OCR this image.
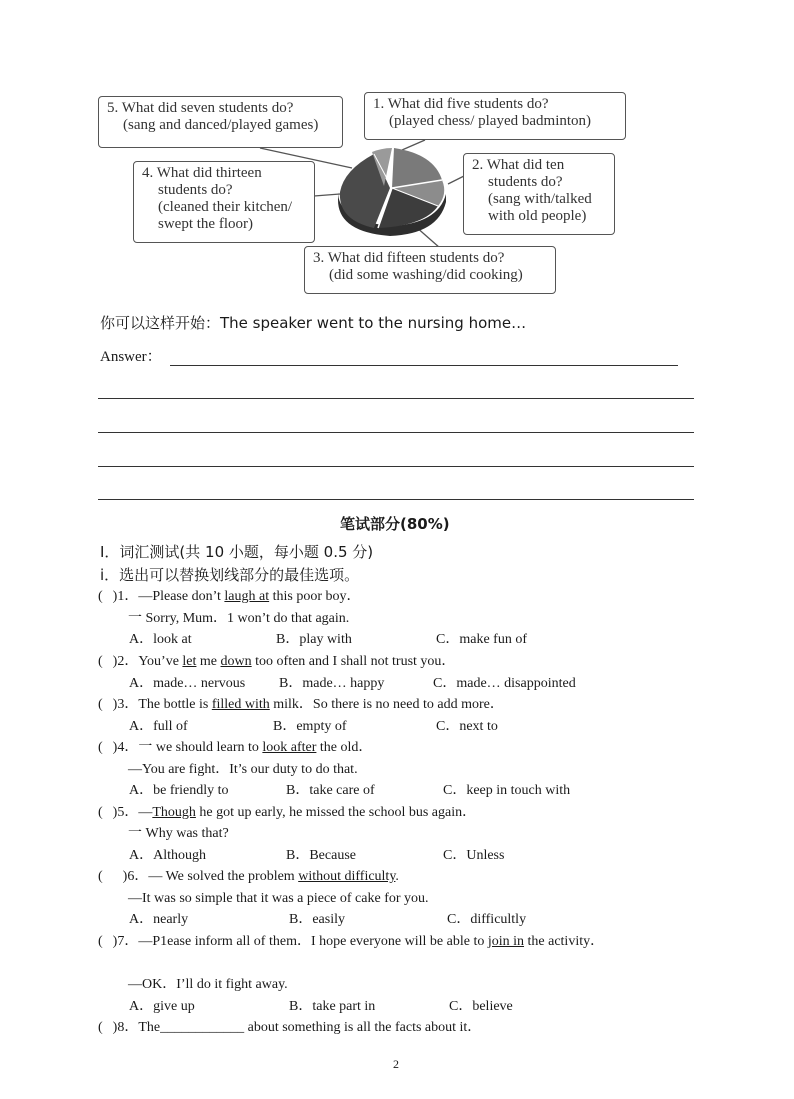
5. What did seven students do?
(sang and danced/played games)
1. What did five students do?
(played chess/ played badminton)
4. What did thirteen
students do?
(cleaned their kitchen/
swept the floor)
2. What did ten
students do?
(sang with/talked
with old people)
3. What did fifteen students do?
(did some washing/did cooking)
你可以这样开始：The speaker went to the nursing home…
Answer：
笔试部分(80%)
I．词汇测试(共 10 小题，每小题 0.5 分)
i．选出可以替换划线部分的最佳选项。
( )1．—Please don’t laugh at this poor boy．
一 Sorry, Mum．1 won’t do that again.
A．look at	B．play with	C．make fun of
( )2．You’ve let me down too often and I shall not trust you．
A．made… nervous B．made… happy	C．made… disappointed
( )3．The bottle is filled with milk．So there is no need to add more．
A．full of	B．empty of	C．next to
( )4．一 we should learn to look after the old．
—You are fight．It’s our duty to do that.
A．be friendly to	B．take care of	C．keep in touch with
( )5．—Though he got up early, he missed the school bus again．
一 Why was that?
A．Although	B．Because	C．Unless
( )6．— We solved the problem without difficulty.
—It was so simple that it was a piece of cake for you.
A．nearly	B．easily	C．difficultly
( )7．—P1ease inform all of them．I hope everyone will be able to join in the activity．
—OK．I’ll do it fight away.
A．give up	B．take part in	C．believe
( )8．The____________ about something is all the facts about it．
2
